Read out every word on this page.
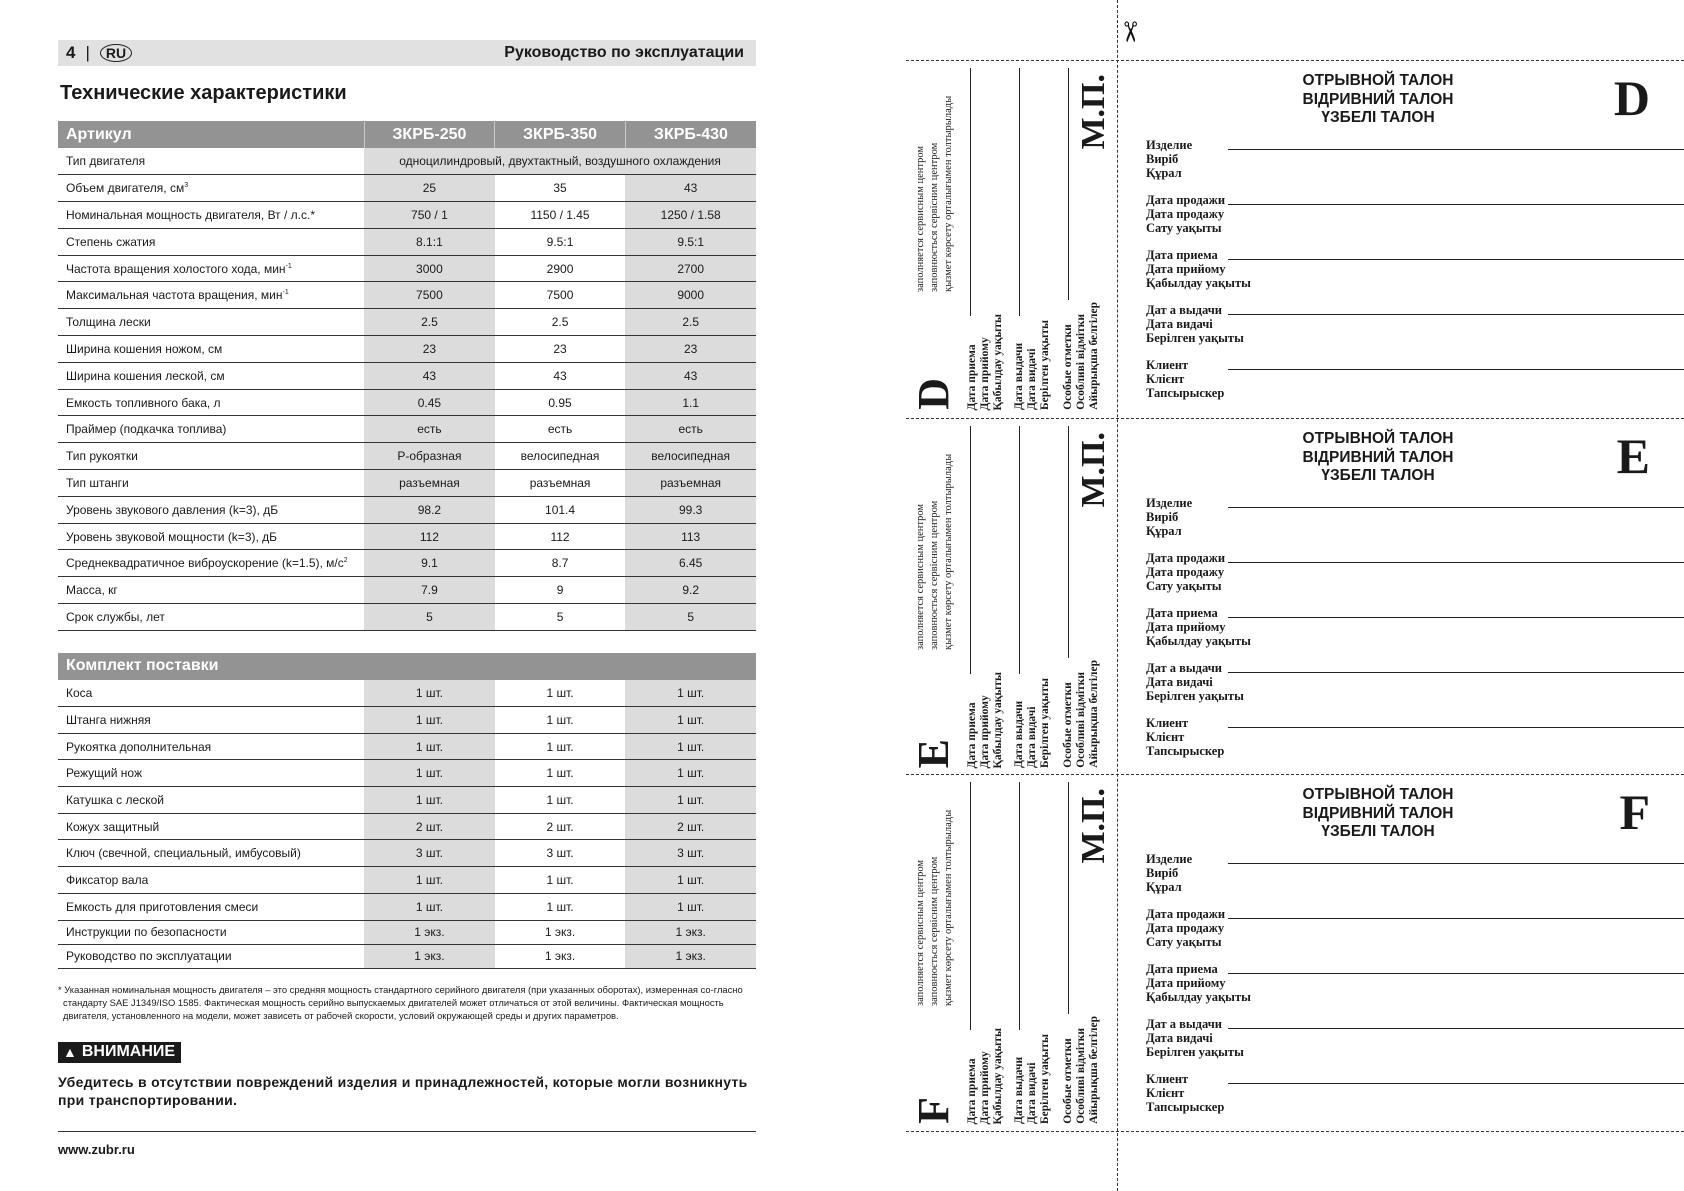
4 |	RU	Руководство по эксплуатации
Технические характеристики
Артикул	ЗКРБ-250	ЗКРБ-350	ЗКРБ-430
Тип двигателя	одноцилиндровый, двухтактный, воздушного охлаждения		
Объем двигателя, $см^3$	25	35	43
Номинальная мощность двигателя, Вт / л.с.*	750 / 1	1150 / 1.45	1250 / 1.58
Степень сжатия	8.1:1	9.5:1	9.5:1
Частота вращения холостого хода, мин$^{-1}$	3000	2900	2700
Максимальная частота вращения, мин$^{-1}$	7500	7500	9000
Толщина лески	2.5	2.5	2.5
Ширина кошения ножом, см	23	23	23
Ширина кошения леской, см	43	43	43
Емкость топливного бака, л	0.45	0.95	1.1
Праймер (подкачка топлива)	есть	есть	есть
Тип рукоятки	Р-образная	велосипедная	велосипедная
Тип штанги	разъемная	разъемная	разъемная
Уровень звукового давления (k=3), дБ	98.2	101.4	99.3
Уровень звуковой мощности (k=3), дБ	112	112	113
Среднеквадратичное виброускорение (k=1.5), $м/с^2$	9.1	8.7	6.45
Масса, кг	7.9	9	9.2
Срок службы, лет	5	5	5
Комплект поставки			
Коса	1 шт.	1 шт.	1 шт.
Штанга нижняя	1 шт.	1 шт.	1 шт.
Рукоятка дополнительная	1 шт.	1 шт.	1 шт.
Режущий нож	1 шт.	1 шт.	1 шт.
Катушка с леской	1 шт.	1 шт.	1 шт.
Кожух защитный	2 шт.	2 шт.	2 шт.
Ключ (свечной, специальный, имбусовый)	3 шт.	3 шт.	3 шт.
Фиксатор вала	1 шт.	1 шт.	1 шт.
Емкость для приготовления смеси	1 шт.	1 шт.	1 шт.
Инструкции по безопасности	1 экз.	1 экз.	1 экз.
Руководство по эксплуатации	1 экз.	1 экз.	1 экз.

* Указанная номинальная мощность двигателя – это средняя мощность стандартного серийного двигателя (при указанных оборотах), измеренная со-гласно стандарту SAE J1349/ISO 1585. Фактическая мощность серийно выпускаемых двигателей может отличаться от этой величины. Фактическая мощность двигателя, установленного на модели, может зависеть от рабочей скорости, условий окружающей среды и других параметров.

▲ ВНИМАНИЕ

Убедитесь в отсутствии повреждений изделия и принадлежностей, которые могли возникнуть при транспортировании.

www.zubr.ru

✂
заполняется сервисным центром заповнюється сервісним центром қызмет көрсету орталығымен толтырылады
D Дата приема Дата прийому Қабылдау уақыты Дата выдачи Дата видачі Берілген уақыты Особые отметки Особливі відмітки Айырықша белгілер
М.П.	ОТРЫВНОЙ ТАЛОН
ВІДРИВНИЙ ТАЛОН
ҮЗБЕЛІ ТАЛОН	D
Изделие
Виріб
Құрал
Дата продажи
Дата продажу
Сату уақыты
Дата приема
Дата прийому
Қабылдау уақыты
Дат а выдачи
Дата видачі
Берілген уақыты
Клиент
Клієнт
Тапсырыскер
заполняется сервисным центром заповнюється сервісним центром қызмет көрсету орталығымен толтырылады
E Дата приема Дата прийому Қабылдау уақыты Дата выдачи Дата видачі Берілген уақыты Особые отметки Особливі відмітки Айырықша белгілер
М.П.	ОТРЫВНОЙ ТАЛОН
ВІДРИВНИЙ ТАЛОН
ҮЗБЕЛІ ТАЛОН	E
Изделие
Виріб
Құрал
Дата продажи
Дата продажу
Сату уақыты
Дата приема
Дата прийому
Қабылдау уақыты
Дат а выдачи
Дата видачі
Берілген уақыты
Клиент
Клієнт
Тапсырыскер
заполняется сервисным центром заповнюється сервісним центром қызмет көрсету орталығымен толтырылады
F Дата приема Дата прийому Қабылдау уақыты Дата выдачи Дата видачі Берілген уақыты Особые отметки Особливі відмітки Айырықша белгілер
М.П.	ОТРЫВНОЙ ТАЛОН
ВІДРИВНИЙ ТАЛОН
ҮЗБЕЛІ ТАЛОН	F
Изделие
Виріб
Құрал
Дата продажи
Дата продажу
Сату уақыты
Дата приема
Дата прийому
Қабылдау уақыты
Дат а выдачи
Дата видачі
Берілген уақыты
Клиент
Клієнт
Тапсырыскер
